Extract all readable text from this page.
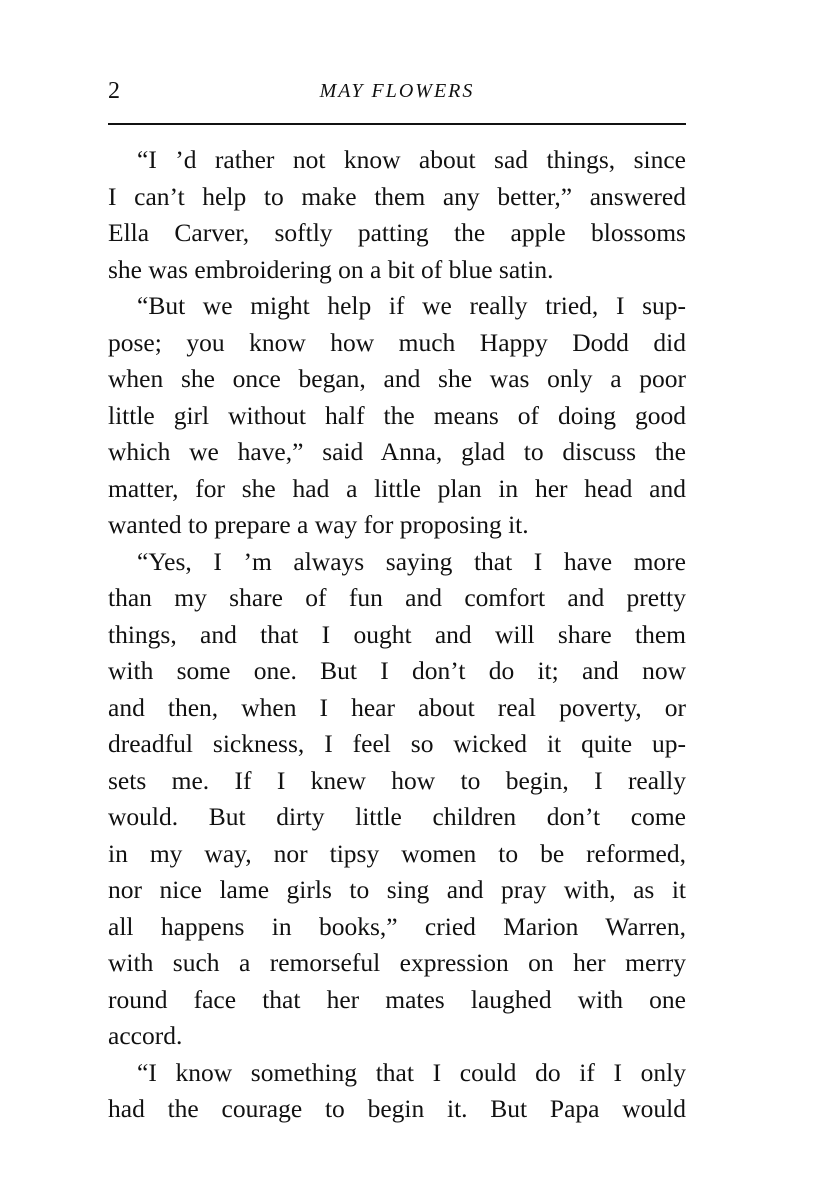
2	MAY FLOWERS
“I ’d rather not know about sad things, since
I can’t help to make them any better,” answered
Ella Carver, softly patting the apple blossoms
she was embroidering on a bit of blue satin.
“But we might help if we really tried, I sup-
pose; you know how much Happy Dodd did
when she once began, and she was only a poor
little girl without half the means of doing good
which we have,” said Anna, glad to discuss the
matter, for she had a little plan in her head and
wanted to prepare a way for proposing it.
“Yes, I ’m always saying that I have more
than my share of fun and comfort and pretty
things, and that I ought and will share them
with some one. But I don’t do it; and now
and then, when I hear about real poverty, or
dreadful sickness, I feel so wicked it quite up-
sets me. If I knew how to begin, I really
would. But dirty little children don’t come
in my way, nor tipsy women to be reformed,
nor nice lame girls to sing and pray with, as it
all happens in books,” cried Marion Warren,
with such a remorseful expression on her merry
round face that her mates laughed with one
accord.
“I know something that I could do if I only
had the courage to begin it. But Papa would
